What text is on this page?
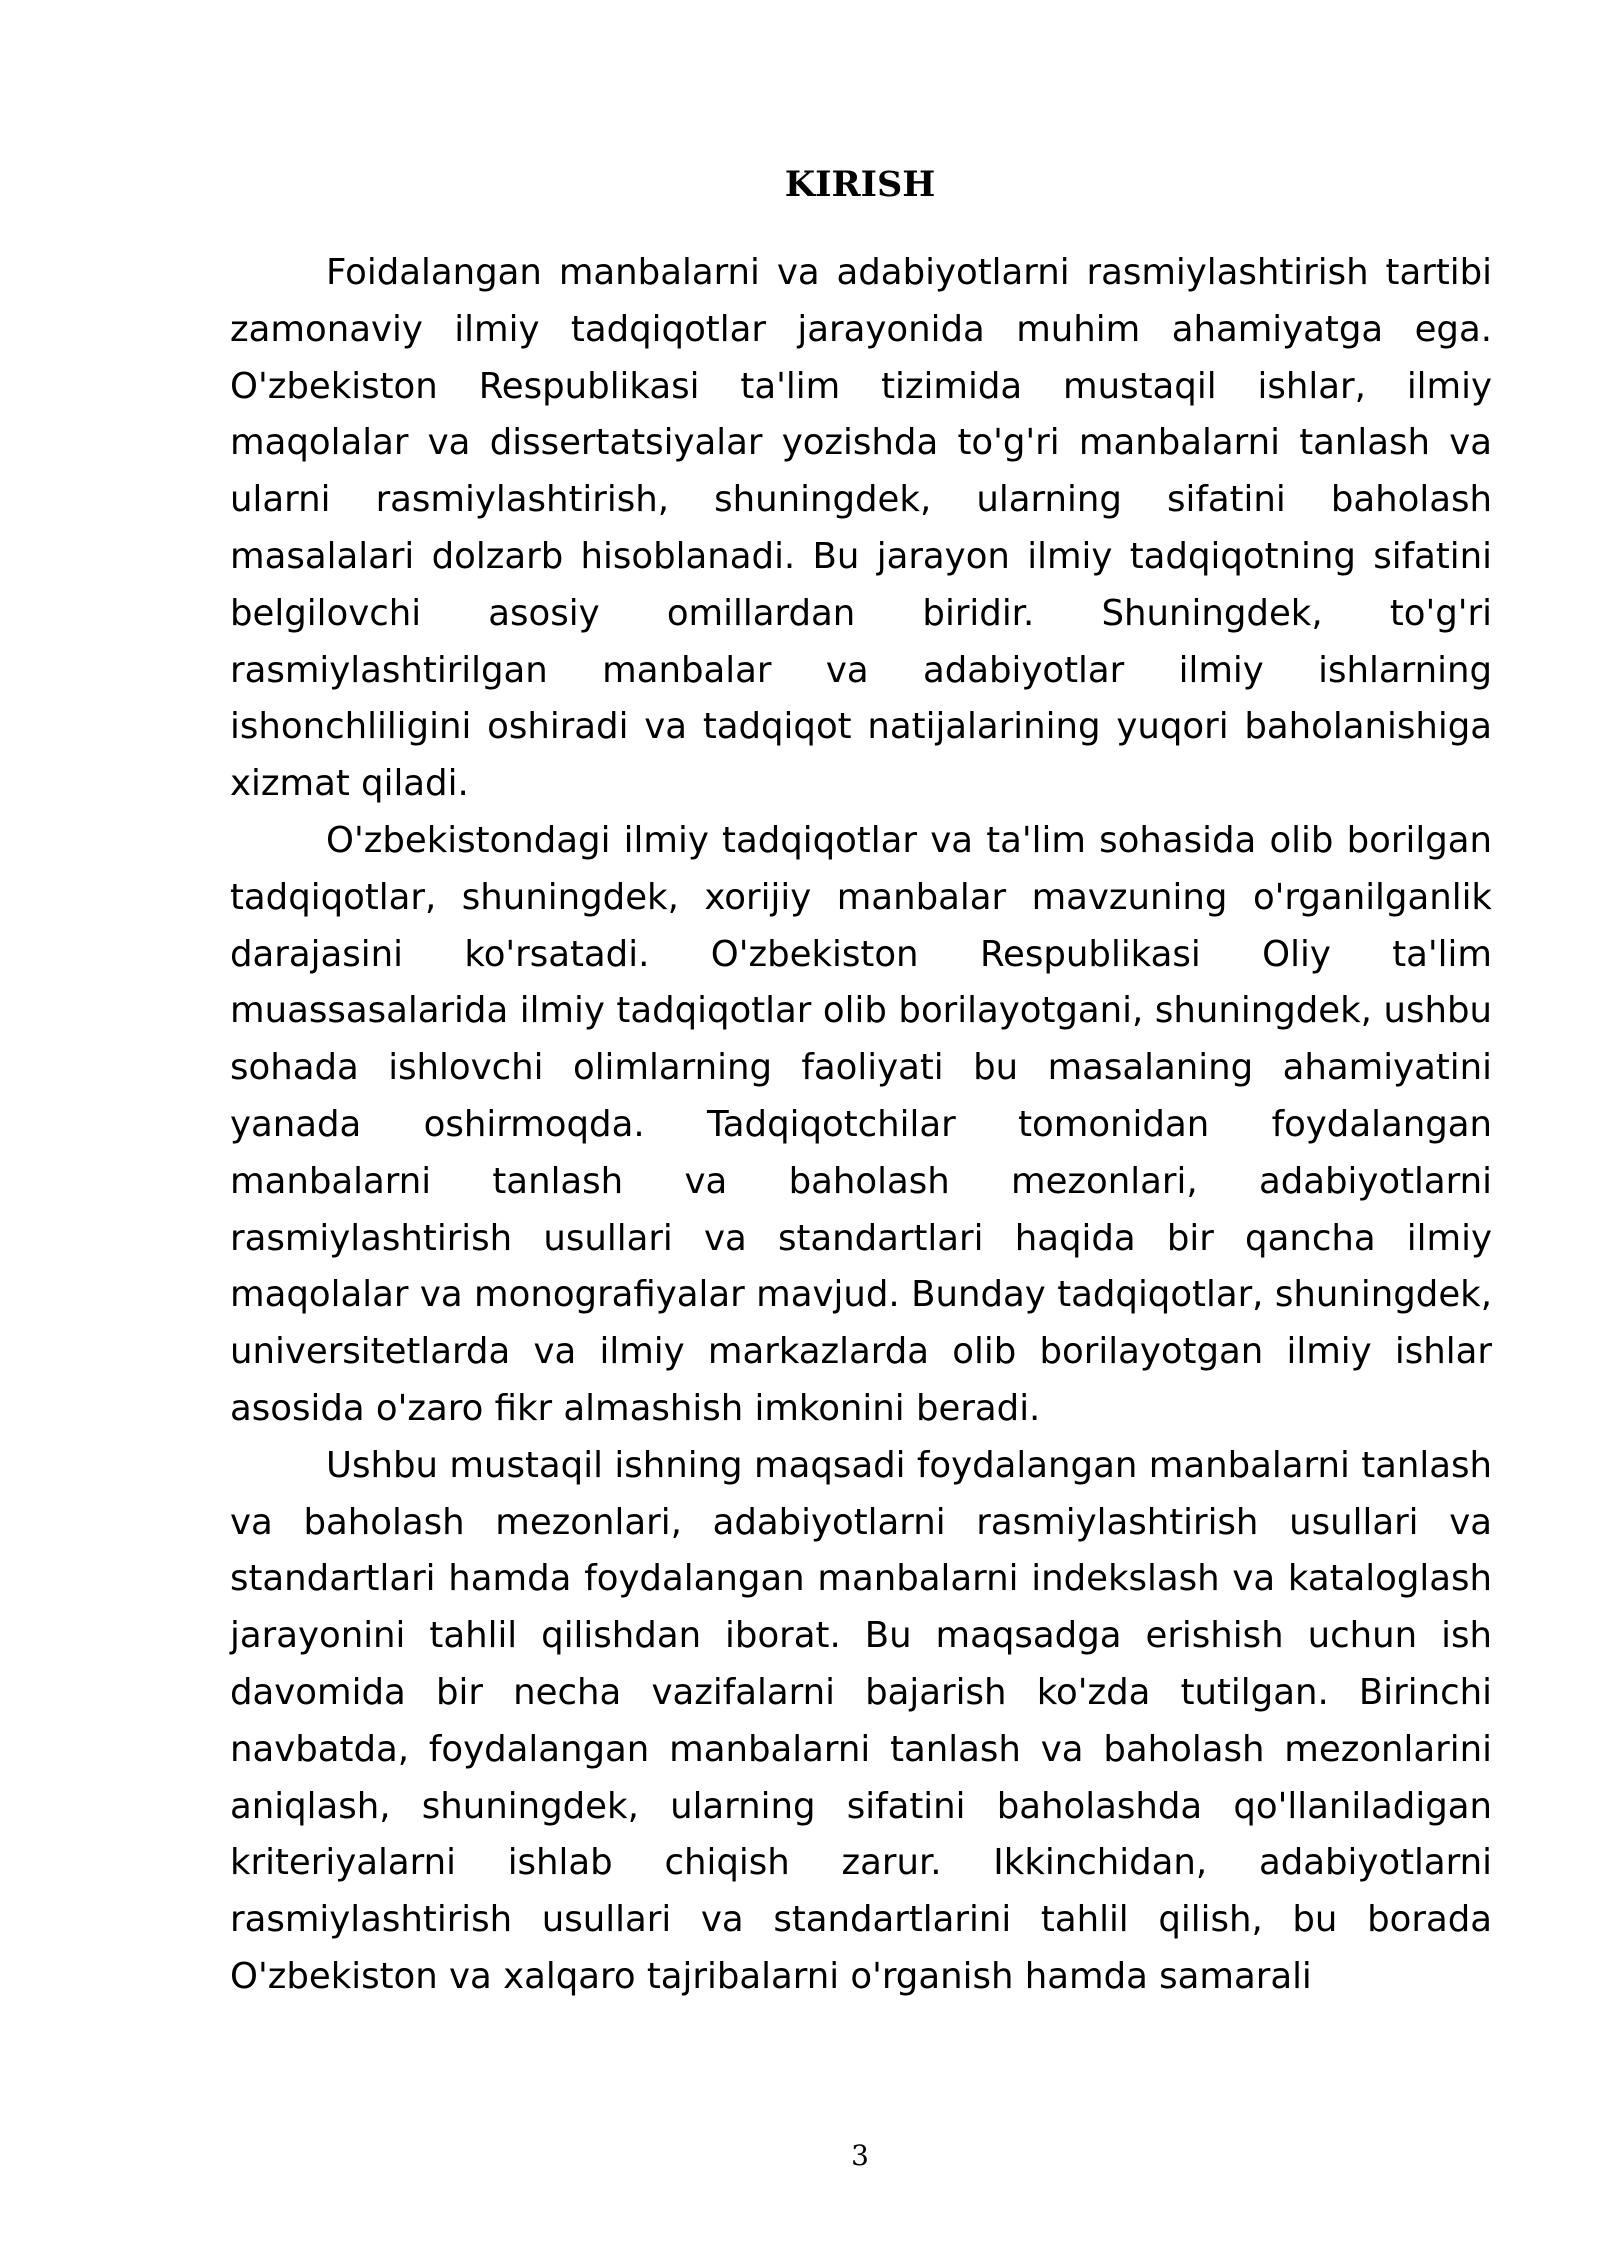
KIRISH

Foidalangan manbalarni va adabiyotlarni rasmiylashtirish tartibi zamonaviy ilmiy tadqiqotlar jarayonida muhim ahamiyatga ega. O'zbekiston Respublikasi ta'lim tizimida mustaqil ishlar, ilmiy maqolalar va dissertatsiyalar yozishda to'g'ri manbalarni tanlash va ularni rasmiylashtirish, shuningdek, ularning sifatini baholash masalalari dolzarb hisoblanadi. Bu jarayon ilmiy tadqiqotning sifatini belgilovchi asosiy omillardan biridir. Shuningdek, to'g'ri rasmiylashtirilgan manbalar va adabiyotlar ilmiy ishlarning ishonchliligini oshiradi va tadqiqot natijalarining yuqori baholanishiga xizmat qiladi.

O'zbekistondagi ilmiy tadqiqotlar va ta'lim sohasida olib borilgan tadqiqotlar, shuningdek, xorijiy manbalar mavzuning o'rganilganlik darajasini ko'rsatadi. O'zbekiston Respublikasi Oliy ta'lim muassasalarida ilmiy tadqiqotlar olib borilayotgani, shuningdek, ushbu sohada ishlovchi olimlarning faoliyati bu masalaning ahamiyatini yanada oshirmoqda. Tadqiqotchilar tomonidan foydalangan manbalarni tanlash va baholash mezonlari, adabiyotlarni rasmiylashtirish usullari va standartlari haqida bir qancha ilmiy maqolalar va monografiyalar mavjud. Bunday tadqiqotlar, shuningdek, universitetlarda va ilmiy markazlarda olib borilayotgan ilmiy ishlar asosida o'zaro fikr almashish imkonini beradi.

Ushbu mustaqil ishning maqsadi foydalangan manbalarni tanlash va baholash mezonlari, adabiyotlarni rasmiylashtirish usullari va standartlari hamda foydalangan manbalarni indekslash va kataloglash jarayonini tahlil qilishdan iborat. Bu maqsadga erishish uchun ish davomida bir necha vazifalarni bajarish ko'zda tutilgan. Birinchi navbatda, foydalangan manbalarni tanlash va baholash mezonlarini aniqlash, shuningdek, ularning sifatini baholashda qo'llaniladigan kriteriyalarni ishlab chiqish zarur. Ikkinchidan, adabiyotlarni rasmiylashtirish usullari va standartlarini tahlil qilish, bu borada O'zbekiston va xalqaro tajribalarni o'rganish hamda samarali

3
